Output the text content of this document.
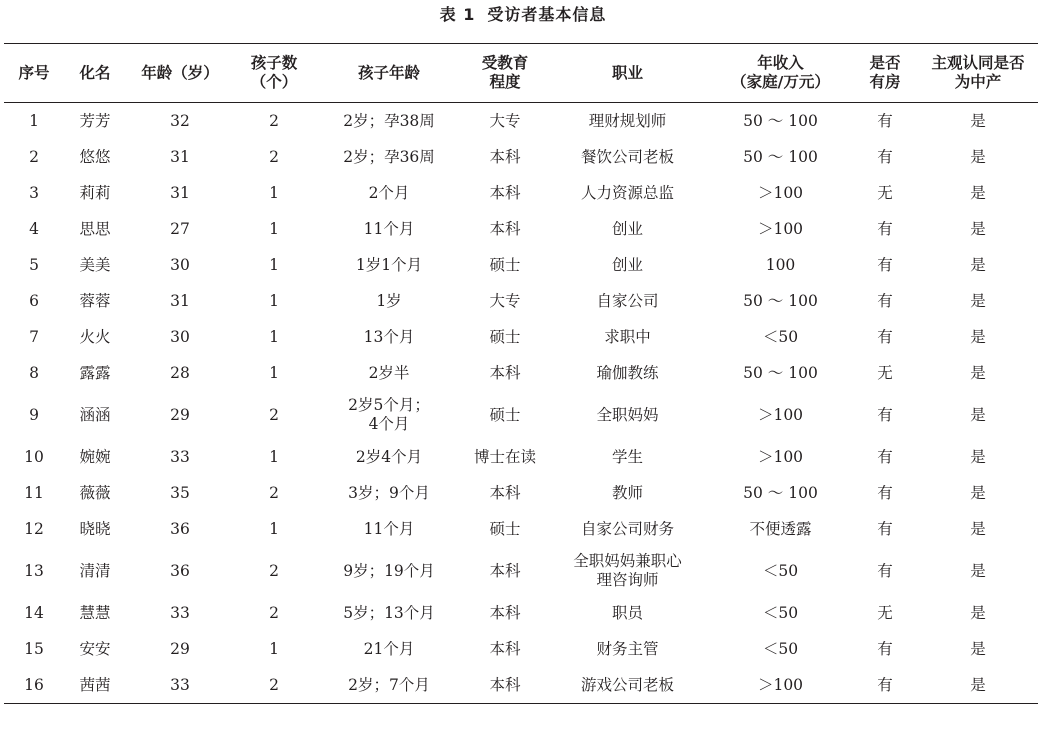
表 1 受访者基本信息
序号	化名	年龄（岁）	孩子数
（个）	孩子年龄	受教育
程度	职业	年收入
（家庭/万元）	是否
有房	主观认同是否
为中产
1	芳芳	32	2	2岁；孕38周	大专	理财规划师	50 ～ 100	有	是
2	悠悠	31	2	2岁；孕36周	本科	餐饮公司老板	50 ～ 100	有	是
3	莉莉	31	1	2个月	本科	人力资源总监	＞100	无	是
4	思思	27	1	11个月	本科	创业	＞100	有	是
5	美美	30	1	1岁1个月	硕士	创业	100	有	是
6	蓉蓉	31	1	1岁	大专	自家公司	50 ～ 100	有	是
7	火火	30	1	13个月	硕士	求职中	＜50	有	是
8	露露	28	1	2岁半	本科	瑜伽教练	50 ～ 100	无	是
9	涵涵	29	2	2岁5个月；
4个月	硕士	全职妈妈	＞100	有	是
10	婉婉	33	1	2岁4个月	博士在读	学生	＞100	有	是
11	薇薇	35	2	3岁；9个月	本科	教师	50 ～ 100	有	是
12	晓晓	36	1	11个月	硕士	自家公司财务	不便透露	有	是
13	清清	36	2	9岁；19个月	本科	全职妈妈兼职心
理咨询师	＜50	有	是
14	慧慧	33	2	5岁；13个月	本科	职员	＜50	无	是
15	安安	29	1	21个月	本科	财务主管	＜50	有	是
16	茜茜	33	2	2岁；7个月	本科	游戏公司老板	＞100	有	是
